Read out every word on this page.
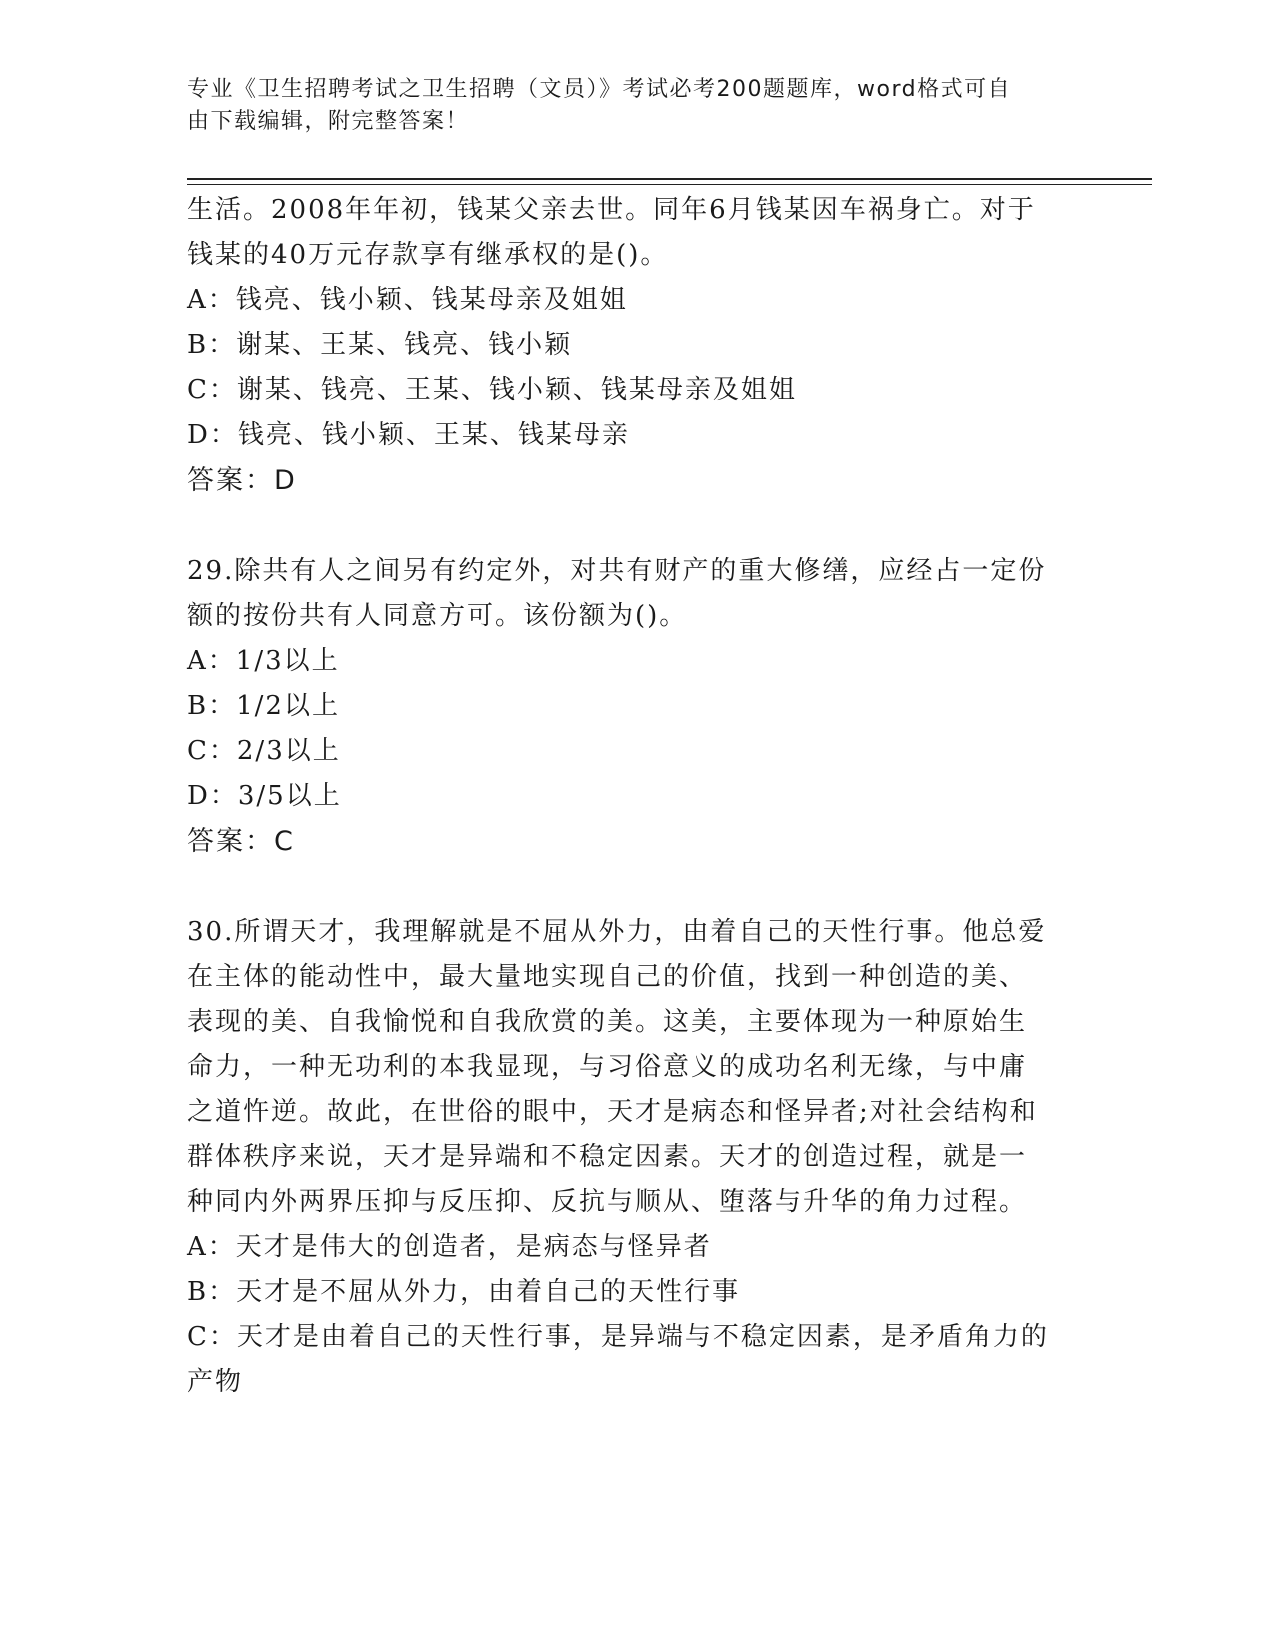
专业《卫生招聘考试之卫生招聘（文员）》考试必考200题题库，word格式可自
由下载编辑，附完整答案！

生活。2008年年初，钱某父亲去世。同年6月钱某因车祸身亡。对于

钱某的40万元存款享有继承权的是()。

A：钱亮、钱小颖、钱某母亲及姐姐

B：谢某、王某、钱亮、钱小颖

C：谢某、钱亮、王某、钱小颖、钱某母亲及姐姐

D：钱亮、钱小颖、王某、钱某母亲

答案：D

29.除共有人之间另有约定外，对共有财产的重大修缮，应经占一定份

额的按份共有人同意方可。该份额为()。

A：1/3以上

B：1/2以上

C：2/3以上

D：3/5以上

答案：C

30.所谓天才，我理解就是不屈从外力，由着自己的天性行事。他总爱

在主体的能动性中，最大量地实现自己的价值，找到一种创造的美、

表现的美、自我愉悦和自我欣赏的美。这美，主要体现为一种原始生

命力，一种无功利的本我显现，与习俗意义的成功名利无缘，与中庸

之道忤逆。故此，在世俗的眼中，天才是病态和怪异者;对社会结构和

群体秩序来说，天才是异端和不稳定因素。天才的创造过程，就是一

种同内外两界压抑与反压抑、反抗与顺从、堕落与升华的角力过程。

A：天才是伟大的创造者，是病态与怪异者

B：天才是不屈从外力，由着自己的天性行事

C：天才是由着自己的天性行事，是异端与不稳定因素，是矛盾角力的

产物
